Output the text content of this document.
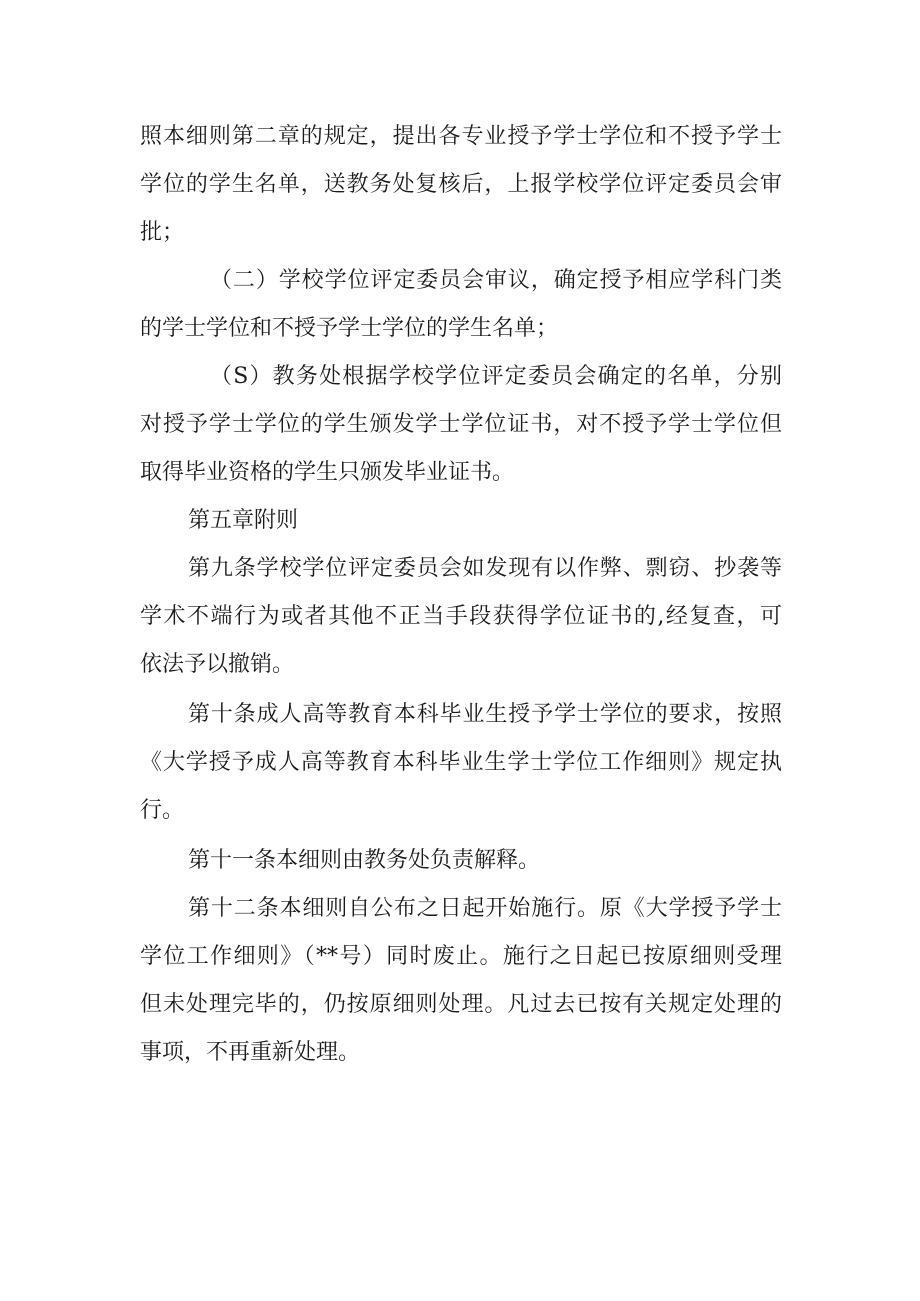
照本细则第二章的规定，提出各专业授予学士学位和不授予学士

学位的学生名单，送教务处复核后，上报学校学位评定委员会审

批；

（二）学校学位评定委员会审议，确定授予相应学科门类

的学士学位和不授予学士学位的学生名单；

（S）教务处根据学校学位评定委员会确定的名单，分别

对授予学士学位的学生颁发学士学位证书，对不授予学士学位但

取得毕业资格的学生只颁发毕业证书。

第五章附则

第九条学校学位评定委员会如发现有以作弊、剽窃、抄袭等

学术不端行为或者其他不正当手段获得学位证书的,经复查，可

依法予以撤销。

第十条成人高等教育本科毕业生授予学士学位的要求，按照

《大学授予成人高等教育本科毕业生学士学位工作细则》规定执

行。

第十一条本细则由教务处负责解释。

第十二条本细则自公布之日起开始施行。原《大学授予学士

学位工作细则》（**号）同时废止。施行之日起已按原细则受理

但未处理完毕的，仍按原细则处理。凡过去已按有关规定处理的

事项，不再重新处理。
